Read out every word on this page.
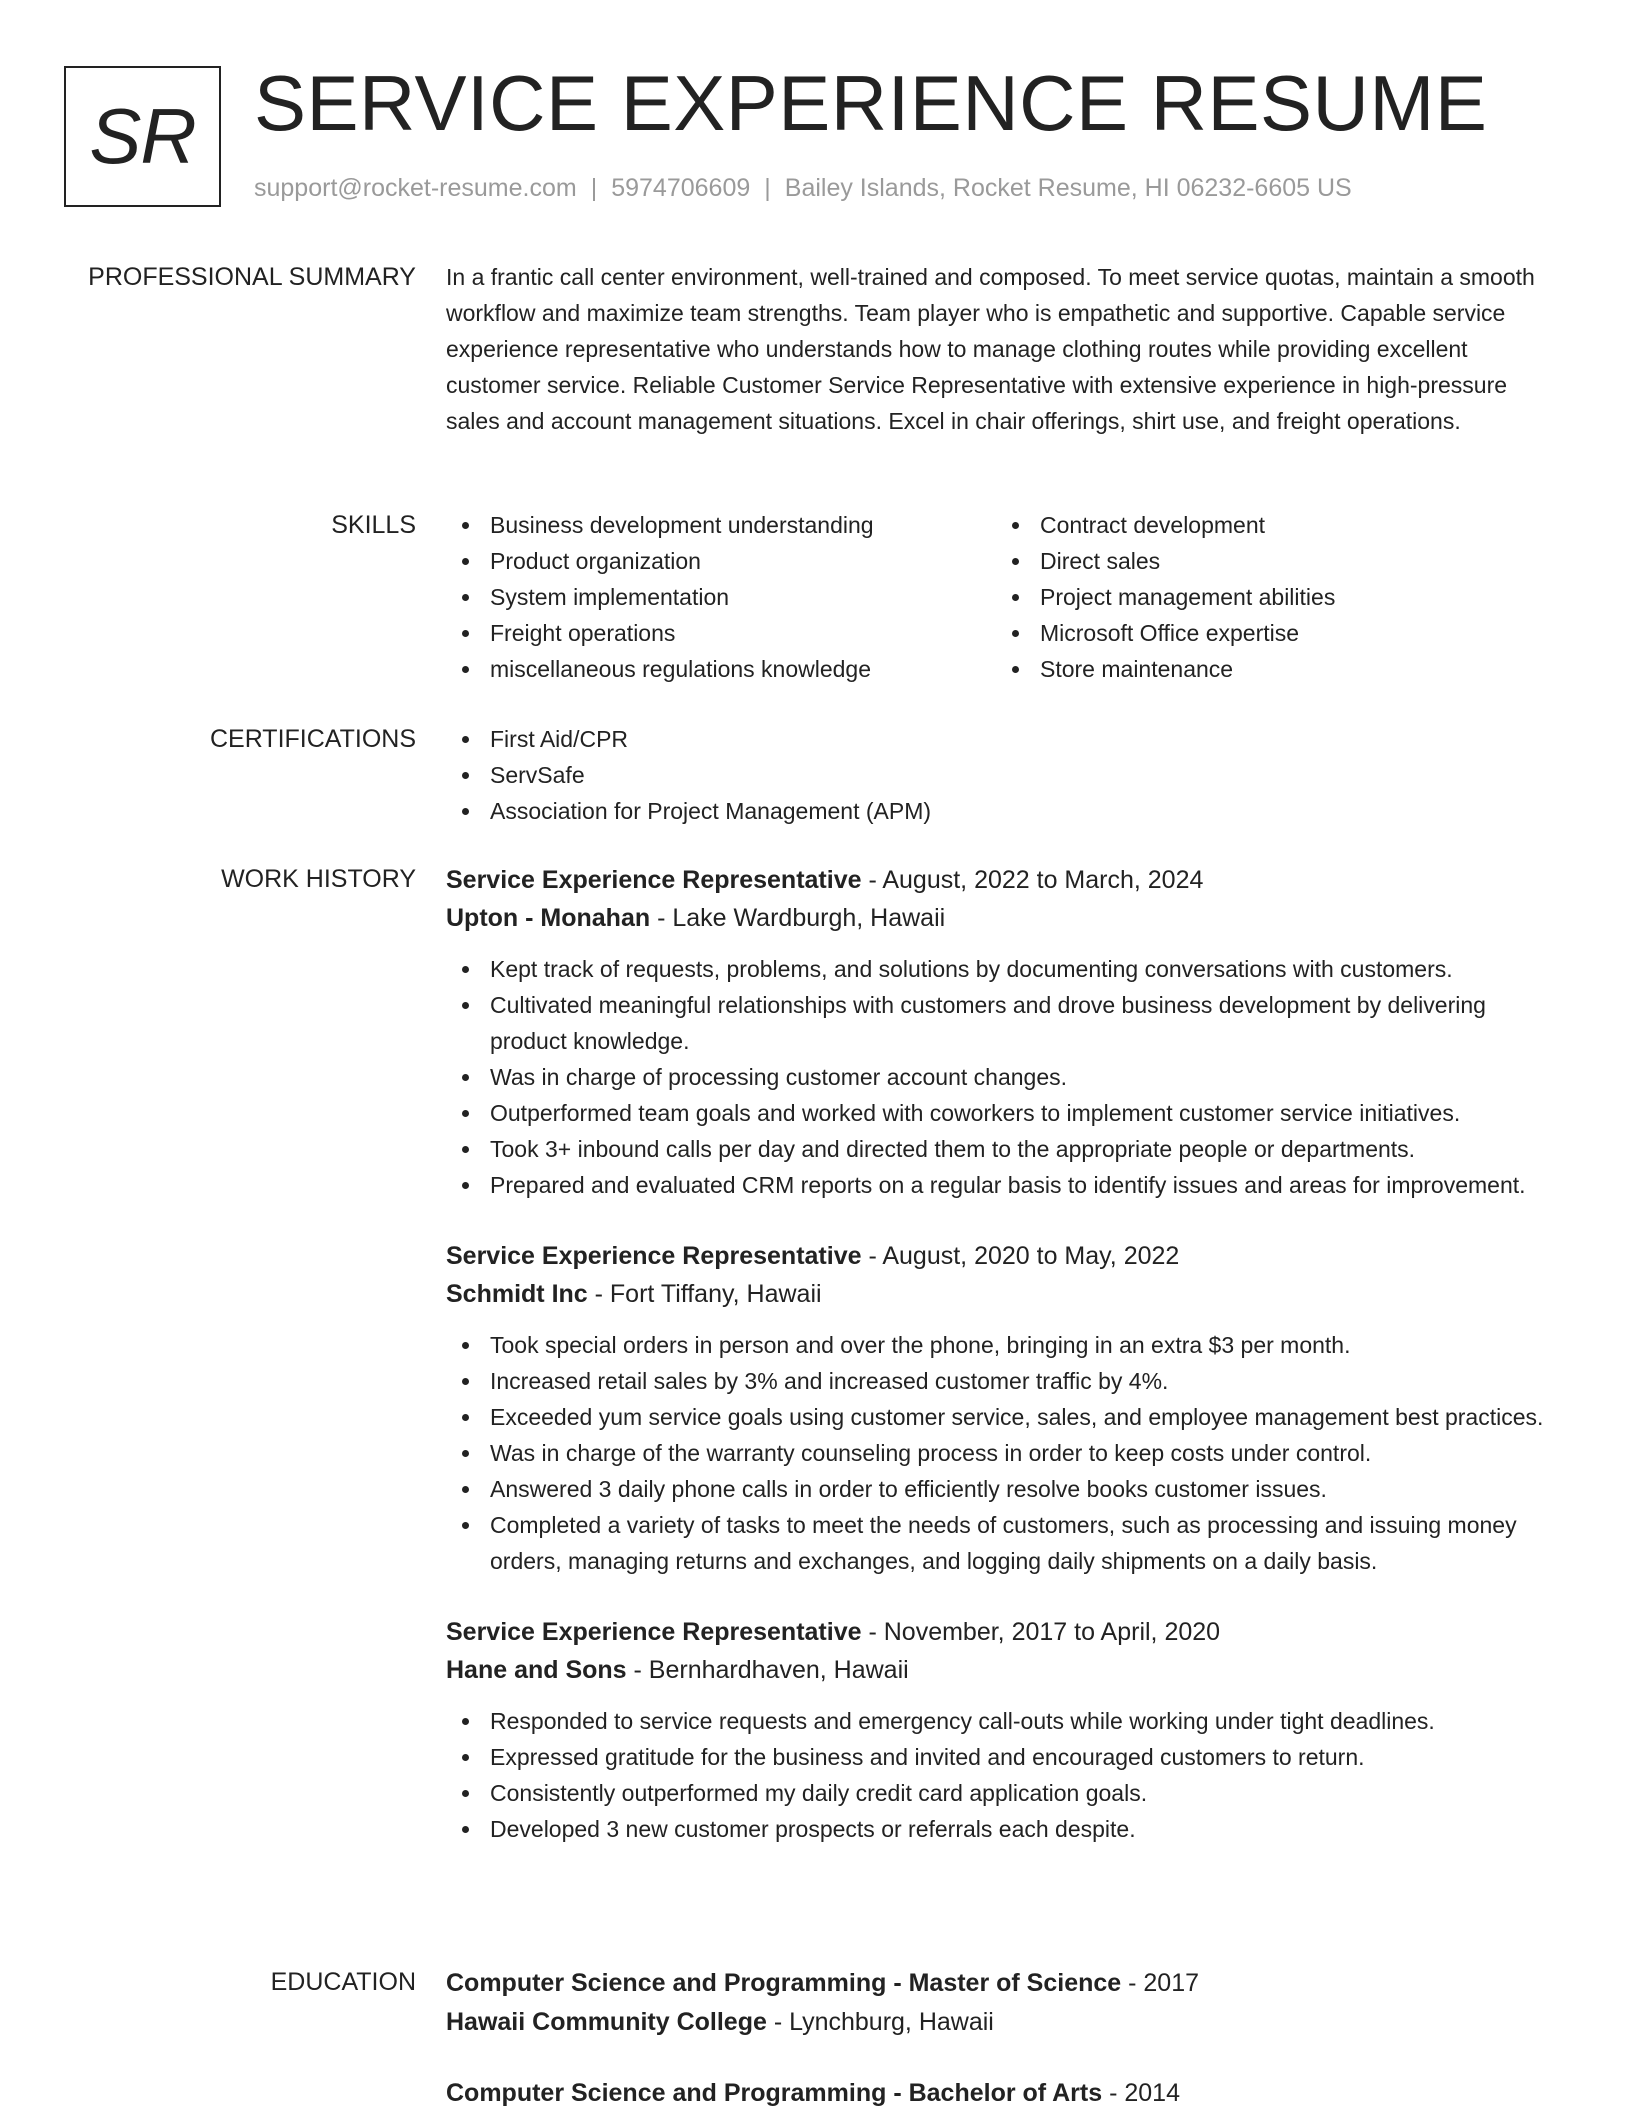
SR SERVICE EXPERIENCE RESUME
support@rocket-resume.com | 5974706609 | Bailey Islands, Rocket Resume, HI 06232-6605 US
PROFESSIONAL SUMMARY In a frantic call center environment, well-trained and composed. To meet service quotas, maintain a smooth workflow and maximize team strengths. Team player who is empathetic and supportive. Capable service experience representative who understands how to manage clothing routes while providing excellent customer service. Reliable Customer Service Representative with extensive experience in high-pressure sales and account management situations. Excel in chair offerings, shirt use, and freight operations.

SKILLS	Business development understanding
Product organization
System implementation
Freight operations
miscellaneous regulations knowledge
Contract development
Direct sales
Project management abilities
Microsoft Office expertise
Store maintenance
CERTIFICATIONS	First Aid/CPR
ServSafe
Association for Project Management (APM)
WORK HISTORY Service Experience Representative - August, 2022 to March, 2024
Upton - Monahan - Lake Wardburgh, Hawaii
Kept track of requests, problems, and solutions by documenting conversations with customers.
Cultivated meaningful relationships with customers and drove business development by delivering product knowledge.
Was in charge of processing customer account changes.
Outperformed team goals and worked with coworkers to implement customer service initiatives.
Took 3+ inbound calls per day and directed them to the appropriate people or departments.
Prepared and evaluated CRM reports on a regular basis to identify issues and areas for improvement.
Service Experience Representative - August, 2020 to May, 2022
Schmidt Inc - Fort Tiffany, Hawaii
Took special orders in person and over the phone, bringing in an extra $3 per month.
Increased retail sales by 3% and increased customer traffic by 4%.
Exceeded yum service goals using customer service, sales, and employee management best practices.
Was in charge of the warranty counseling process in order to keep costs under control.
Answered 3 daily phone calls in order to efficiently resolve books customer issues.
Completed a variety of tasks to meet the needs of customers, such as processing and issuing money orders, managing returns and exchanges, and logging daily shipments on a daily basis.
Service Experience Representative - November, 2017 to April, 2020
Hane and Sons - Bernhardhaven, Hawaii
Responded to service requests and emergency call-outs while working under tight deadlines.
Expressed gratitude for the business and invited and encouraged customers to return.
Consistently outperformed my daily credit card application goals.
Developed 3 new customer prospects or referrals each despite.
EDUCATION Computer Science and Programming - Master of Science - 2017
Hawaii Community College - Lynchburg, Hawaii
Computer Science and Programming - Bachelor of Arts - 2014
